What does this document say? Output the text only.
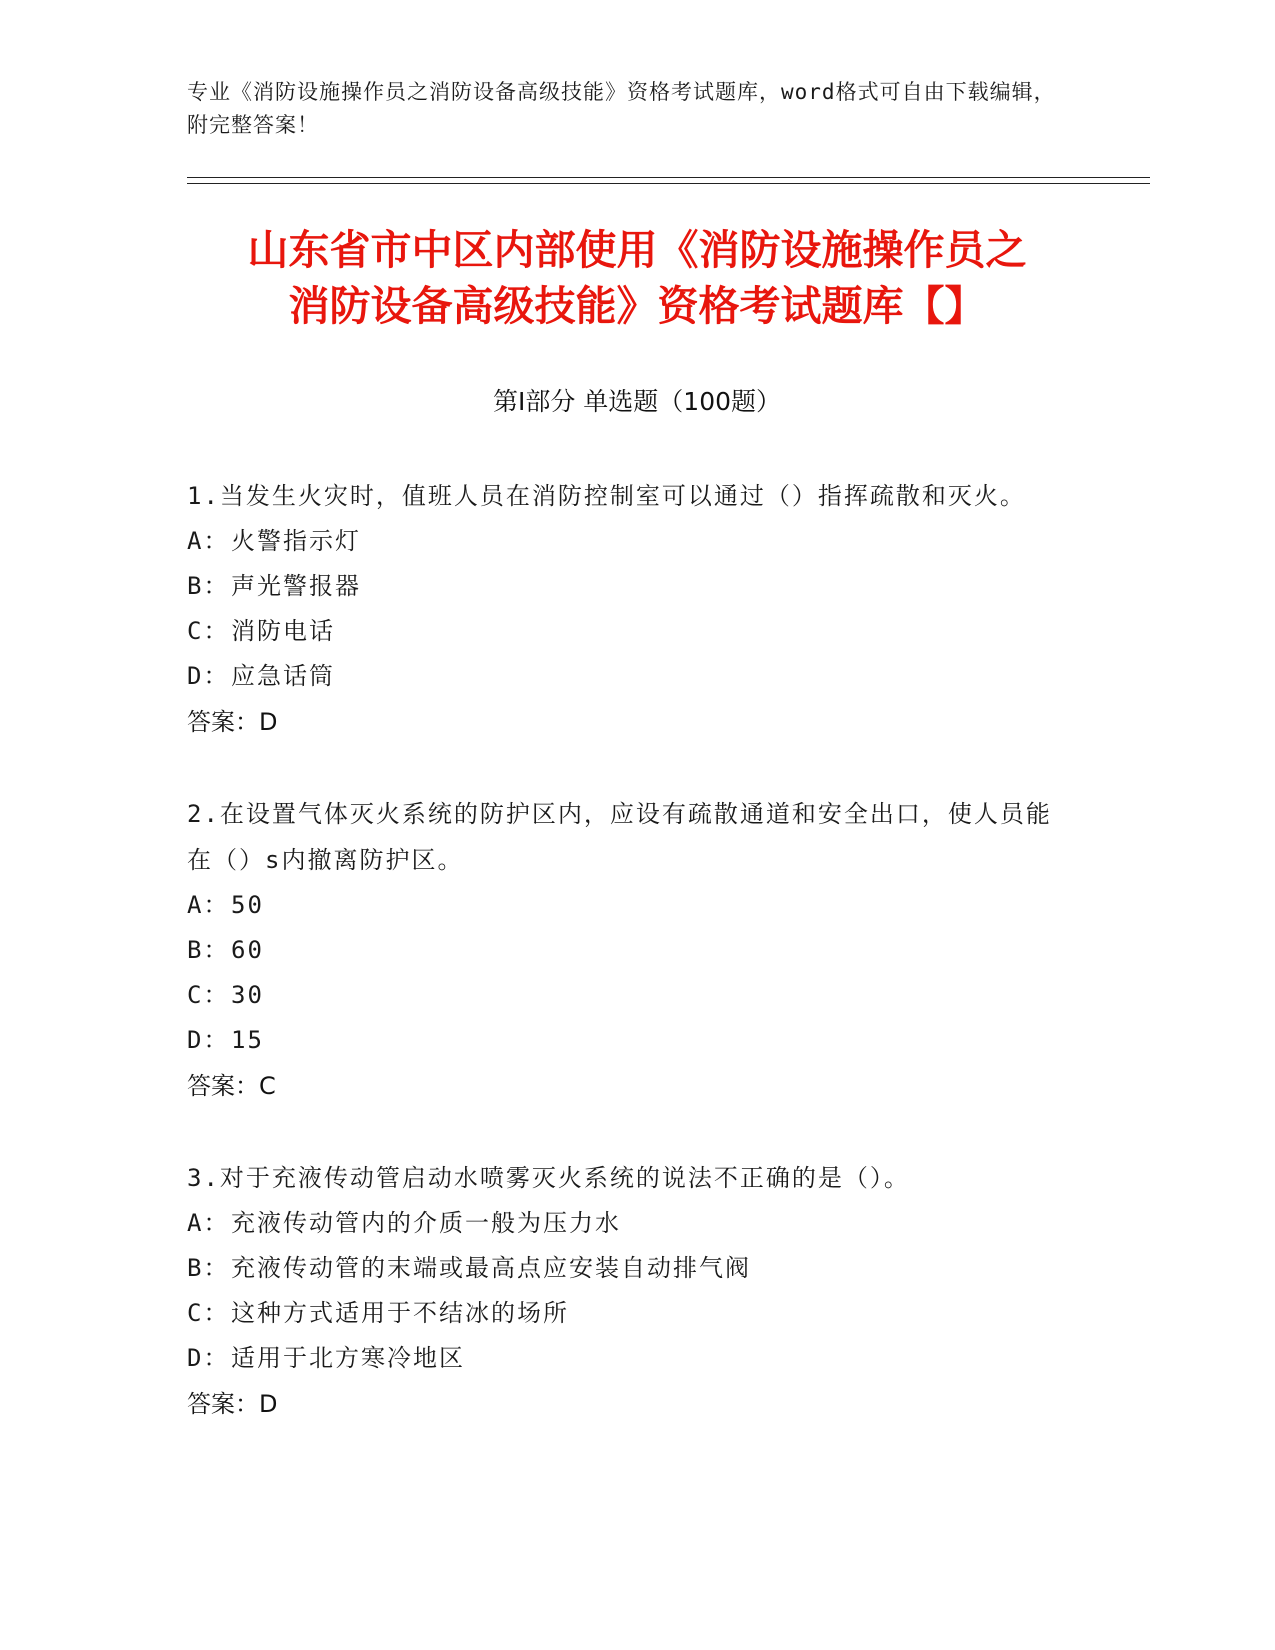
专业《消防设施操作员之消防设备高级技能》资格考试题库，word格式可自由下载编辑，附完整答案！
山东省市中区内部使用《消防设施操作员之
消防设备高级技能》资格考试题库【】
第Ⅰ部分 单选题（100题）

1.当发生火灾时，值班人员在消防控制室可以通过（）指挥疏散和灭火。

A：火警指示灯

B：声光警报器

C：消防电话

D：应急话筒

答案：D

2.在设置气体灭火系统的防护区内，应设有疏散通道和安全出口，使人员能在（）s内撤离防护区。

A：50

B：60

C：30

D：15

答案：C

3.对于充液传动管启动水喷雾灭火系统的说法不正确的是（）。

A：充液传动管内的介质一般为压力水

B：充液传动管的末端或最高点应安装自动排气阀

C：这种方式适用于不结冰的场所

D：适用于北方寒冷地区

答案：D
